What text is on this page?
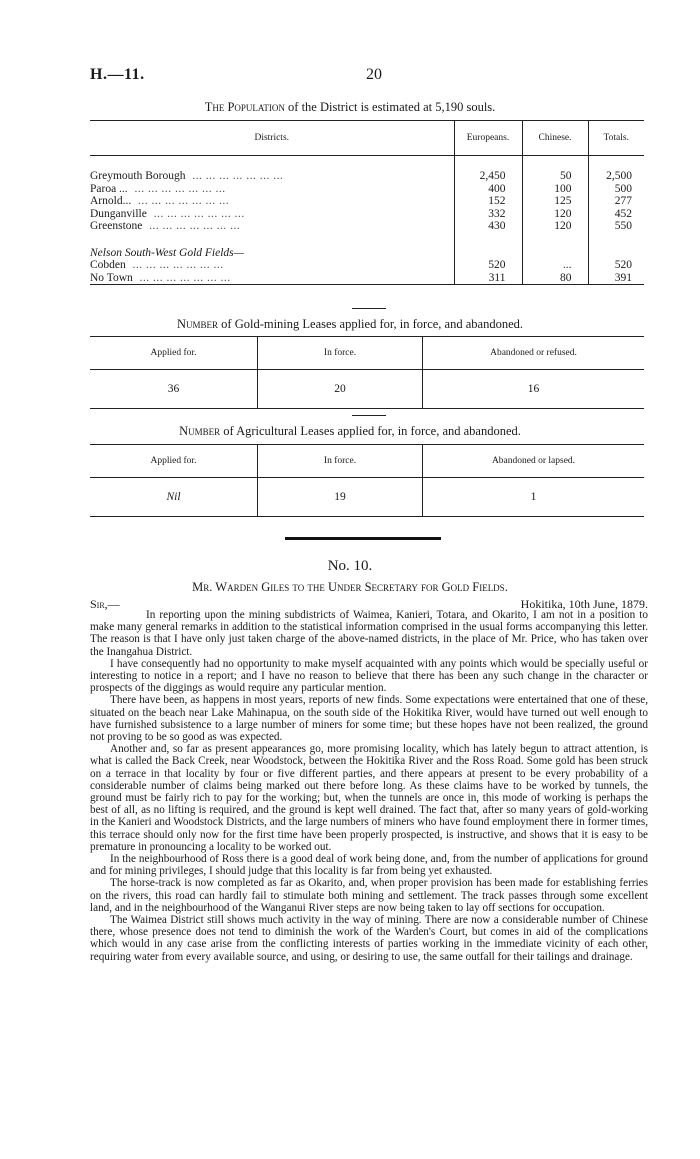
H.—11.	20
The Population of the District is estimated at 5,190 souls.
Districts.	Europeans.	Chinese.	Totals.

Greymouth Borough  ... ... ... ... ... ... ...	2,450	50	2,500
Paroa ...  ... ... ... ... ... ... ...	400	100	500
Arnold...  ... ... ... ... ... ... ...	152	125	277
Dunganville  ... ... ... ... ... ... ...	332	120	452
Greenstone  ... ... ... ... ... ... ...	430	120	550

Nelson South-West Gold Fields—			
Cobden  ... ... ... ... ... ... ...	520	...	520
No Town  ... ... ... ... ... ... ...	311	80	391
Number of Gold-mining Leases applied for, in force, and abandoned.
Applied for.	In force.	Abandoned or refused.
36	20	16
Number of Agricultural Leases applied for, in force, and abandoned.
Applied for.	In force.	Abandoned or lapsed.
Nil	19	1
No. 10.
Mr. Warden Giles to the Under Secretary for Gold Fields.
Sir,—	Hokitika, 10th June, 1879.

In reporting upon the mining subdistricts of Waimea, Kanieri, Totara, and Okarito, I am not in a position to make many general remarks in addition to the statistical information comprised in the usual forms accompanying this letter. The reason is that I have only just taken charge of the above-named districts, in the place of Mr. Price, who has taken over the Inangahua District.

I have consequently had no opportunity to make myself acquainted with any points which would be specially useful or interesting to notice in a report; and I have no reason to believe that there has been any such change in the character or prospects of the diggings as would require any particular mention.

There have been, as happens in most years, reports of new finds. Some expectations were entertained that one of these, situated on the beach near Lake Mahinapua, on the south side of the Hokitika River, would have turned out well enough to have furnished subsistence to a large number of miners for some time; but these hopes have not been realized, the ground not proving to be so good as was expected.

Another and, so far as present appearances go, more promising locality, which has lately begun to attract attention, is what is called the Back Creek, near Woodstock, between the Hokitika River and the Ross Road. Some gold has been struck on a terrace in that locality by four or five different parties, and there appears at present to be every probability of a considerable number of claims being marked out there before long. As these claims have to be worked by tunnels, the ground must be fairly rich to pay for the working; but, when the tunnels are once in, this mode of working is perhaps the best of all, as no lifting is required, and the ground is kept well drained. The fact that, after so many years of gold-working in the Kanieri and Woodstock Districts, and the large numbers of miners who have found employment there in former times, this terrace should only now for the first time have been properly prospected, is instructive, and shows that it is easy to be premature in pronouncing a locality to be worked out.

In the neighbourhood of Ross there is a good deal of work being done, and, from the number of applications for ground and for mining privileges, I should judge that this locality is far from being yet exhausted.

The horse-track is now completed as far as Okarito, and, when proper provision has been made for establishing ferries on the rivers, this road can hardly fail to stimulate both mining and settlement. The track passes through some excellent land, and in the neighbourhood of the Wanganui River steps are now being taken to lay off sections for occupation.

The Waimea District still shows much activity in the way of mining. There are now a considerable number of Chinese there, whose presence does not tend to diminish the work of the Warden's Court, but comes in aid of the complications which would in any case arise from the conflicting interests of parties working in the immediate vicinity of each other, requiring water from every available source, and using, or desiring to use, the same outfall for their tailings and drainage.
